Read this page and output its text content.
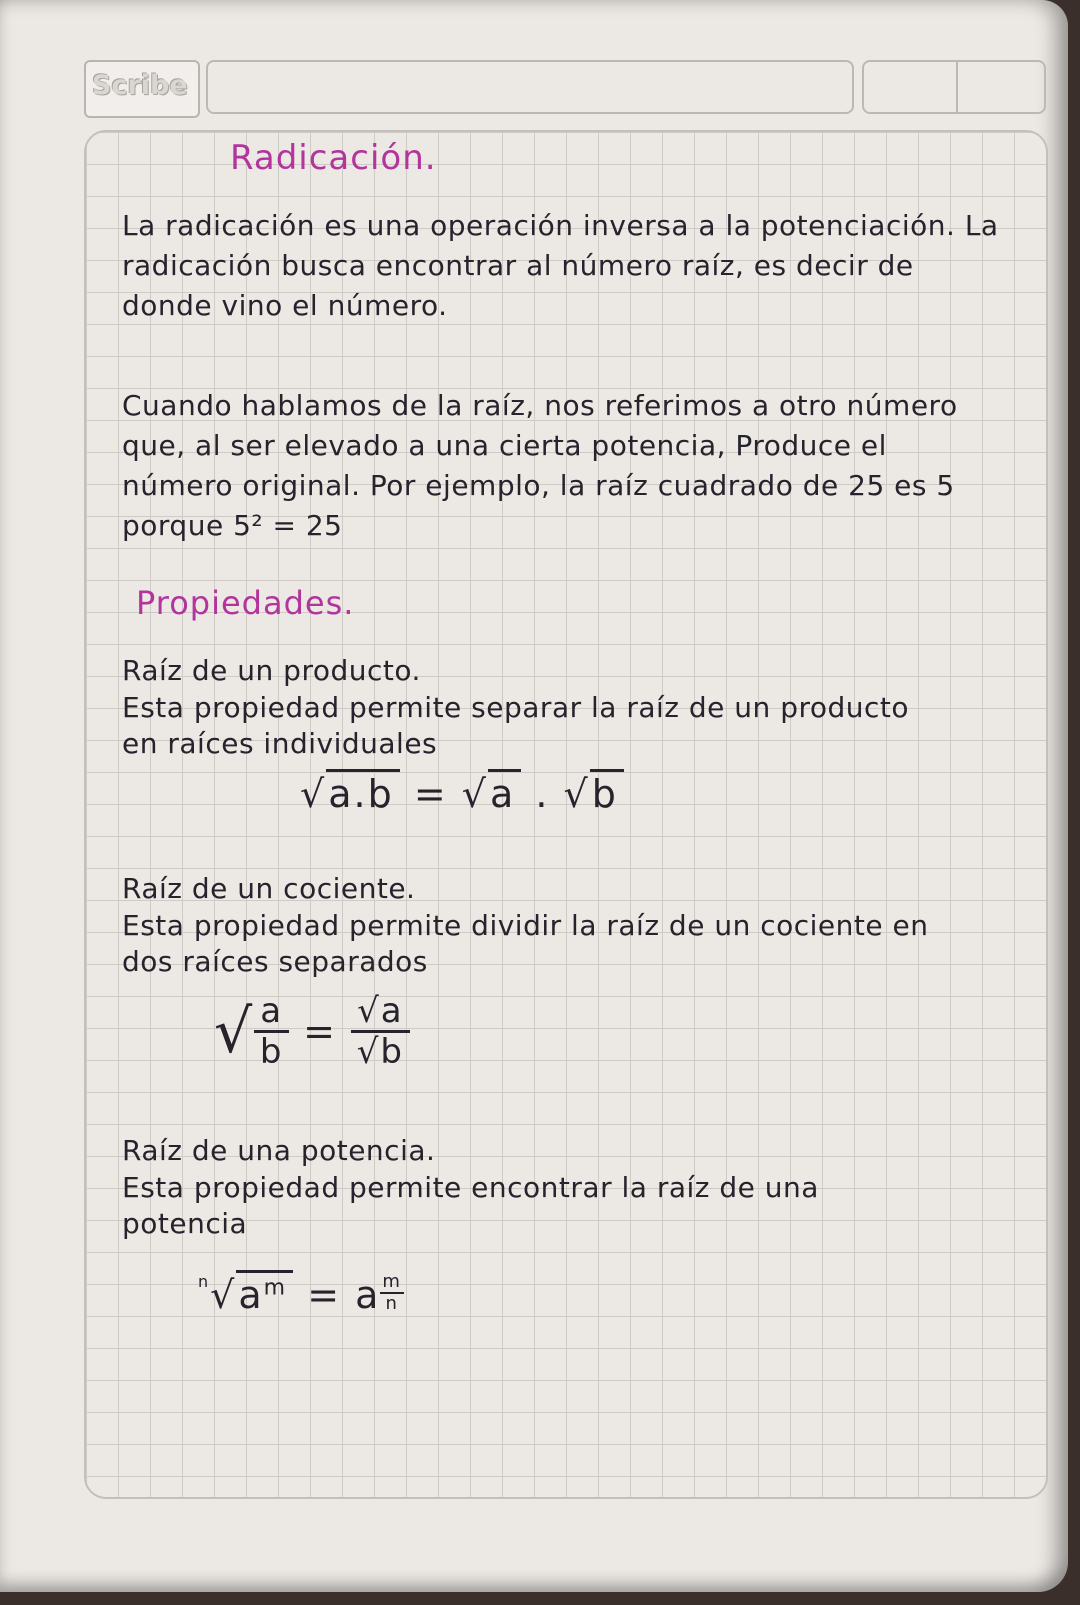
Scribe
Radicación.
La radicación es una operación inversa a la potenciación. La radicación busca encontrar al número raíz, es decir de donde vino el número.
Cuando hablamos de la raíz, nos referimos a otro número que, al ser elevado a una cierta potencia, Produce el número original. Por ejemplo, la raíz cuadrado de 25 es 5 porque 5² = 25
Propiedades.
Raíz de un producto.
Esta propiedad permite separar la raíz de un producto en raíces individuales
√a.b = √a . √b
Raíz de un cociente.
Esta propiedad permite dividir la raíz de un cociente en dos raíces separados
√ $\frac{a}{b} = \frac{√a}{√b}$
Raíz de una potencia.
Esta propiedad permite encontrar la raíz de una potencia
$^n√a^m = a \frac{m}{n}$
